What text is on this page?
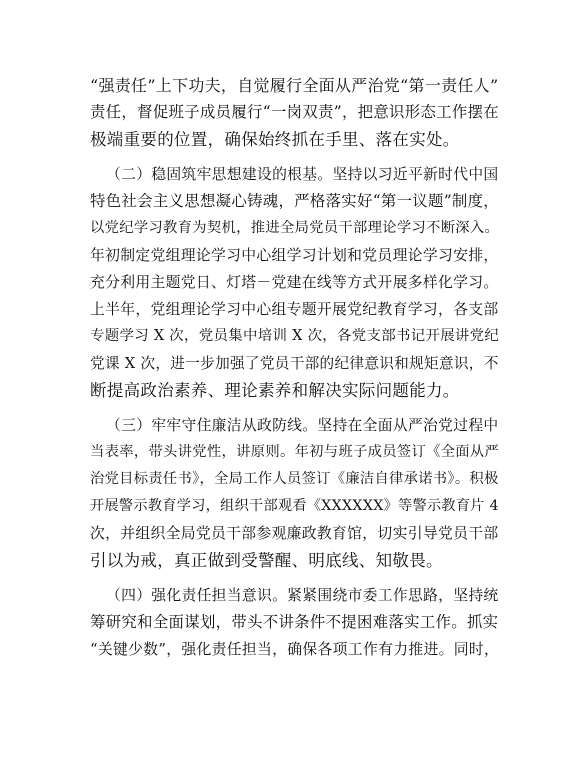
“强责任”上下功夫，自觉履行全面从严治党“第一责任人”
责任，督促班子成员履行“一岗双责”，把意识形态工作摆在
极端重要的位置，确保始终抓在手里、落在实处。
（二）稳固筑牢思想建设的根基。坚持以习近平新时代中国
特色社会主义思想凝心铸魂，严格落实好“第一议题”制度，
以党纪学习教育为契机，推进全局党员干部理论学习不断深入。
年初制定党组理论学习中心组学习计划和党员理论学习安排，
充分利用主题党日、灯塔－党建在线等方式开展多样化学习。
上半年，党组理论学习中心组专题开展党纪教育学习，各支部
专题学习 X 次，党员集中培训 X 次，各党支部书记开展讲党纪
党课 X 次，进一步加强了党员干部的纪律意识和规矩意识，不
断提高政治素养、理论素养和解决实际问题能力。
（三）牢牢守住廉洁从政防线。坚持在全面从严治党过程中
当表率，带头讲党性，讲原则。年初与班子成员签订《全面从严
治党目标责任书》，全局工作人员签订《廉洁自律承诺书》。积极
开展警示教育学习，组织干部观看《XXXXXX》等警示教育片 4
次，并组织全局党员干部参观廉政教育馆，切实引导党员干部
引以为戒，真正做到受警醒、明底线、知敬畏。
（四）强化责任担当意识。紧紧围绕市委工作思路，坚持统
筹研究和全面谋划，带头不讲条件不提困难落实工作。抓实
“关键少数”，强化责任担当，确保各项工作有力推进。同时，
